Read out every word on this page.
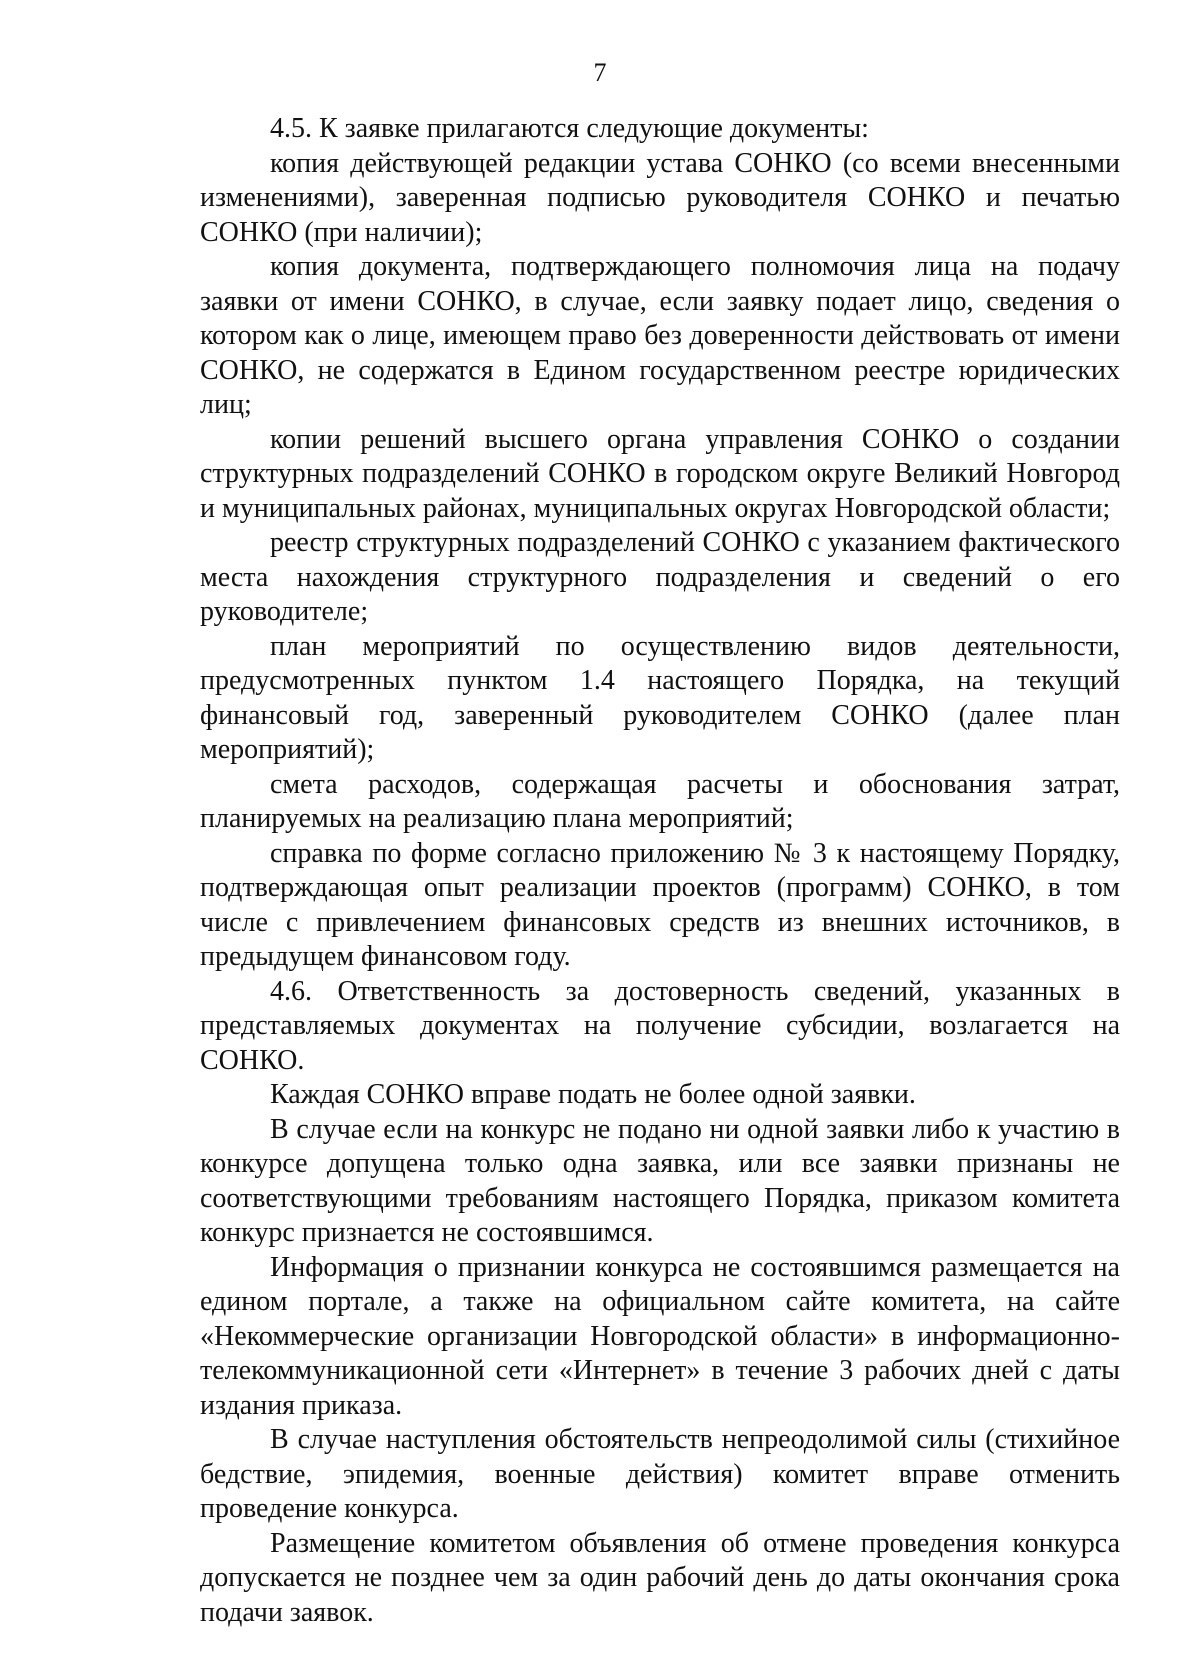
7

4.5. К заявке прилагаются следующие документы:

копия действующей редакции устава СОНКО (со всеми внесенными изменениями), заверенная подписью руководителя СОНКО и печатью СОНКО (при наличии);

копия документа, подтверждающего полномочия лица на подачу заявки от имени СОНКО, в случае, если заявку подает лицо, сведения о котором как о лице, имеющем право без доверенности действовать от имени СОНКО, не содержатся в Едином государственном реестре юридических лиц;

копии решений высшего органа управления СОНКО о создании структурных подразделений СОНКО в городском округе Великий Новгород и муниципальных районах, муниципальных округах Новгородской области;

реестр структурных подразделений СОНКО с указанием фактического места нахождения структурного подразделения и сведений о его руководителе;

план мероприятий по осуществлению видов деятельности, предусмотренных пунктом 1.4 настоящего Порядка, на текущий финансовый год, заверенный руководителем СОНКО (далее план мероприятий);

смета расходов, содержащая расчеты и обоснования затрат, планируемых на реализацию плана мероприятий;

справка по форме согласно приложению № 3 к настоящему Порядку, подтверждающая опыт реализации проектов (программ) СОНКО, в том числе с привлечением финансовых средств из внешних источников, в предыдущем финансовом году.

4.6. Ответственность за достоверность сведений, указанных в представляемых документах на получение субсидии, возлагается на СОНКО.

Каждая СОНКО вправе подать не более одной заявки.

В случае если на конкурс не подано ни одной заявки либо к участию в конкурсе допущена только одна заявка, или все заявки признаны не соответствующими требованиям настоящего Порядка, приказом комитета конкурс признается не состоявшимся.

Информация о признании конкурса не состоявшимся размещается на едином портале, а также на официальном сайте комитета, на сайте «Некоммерческие организации Новгородской области» в информационно-телекоммуникационной сети «Интернет» в течение 3 рабочих дней с даты издания приказа.

В случае наступления обстоятельств непреодолимой силы (стихийное бедствие, эпидемия, военные действия) комитет вправе отменить проведение конкурса.

Размещение комитетом объявления об отмене проведения конкурса допускается не позднее чем за один рабочий день до даты окончания срока подачи заявок.
